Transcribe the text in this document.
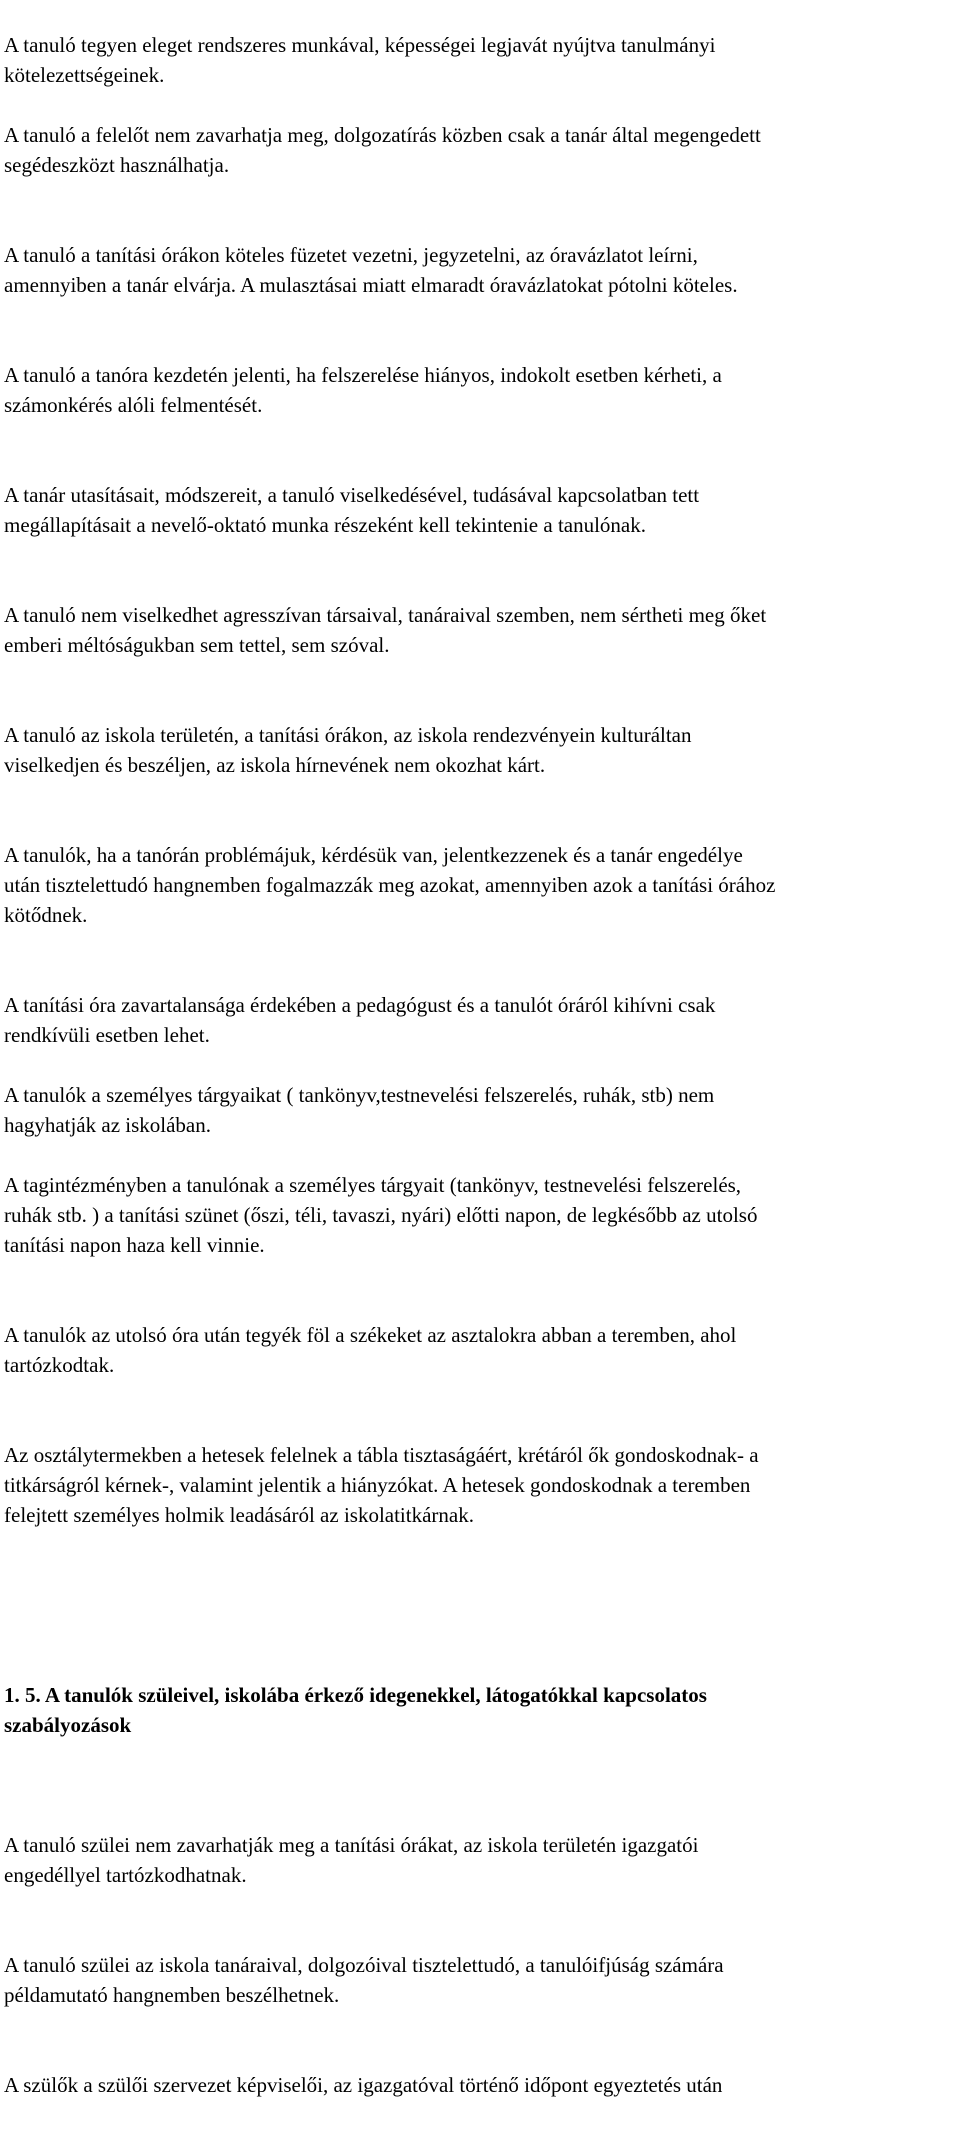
A tanuló tegyen eleget rendszeres munkával, képességei legjavát nyújtva tanulmányi
kötelezettségeinek.

A tanuló a felelőt nem zavarhatja meg, dolgozatírás közben csak a tanár által megengedett
segédeszközt használhatja.

A tanuló a tanítási órákon köteles füzetet vezetni, jegyzetelni, az óravázlatot leírni,
amennyiben a tanár elvárja. A mulasztásai miatt elmaradt óravázlatokat pótolni köteles.

A tanuló a tanóra kezdetén jelenti, ha felszerelése hiányos, indokolt esetben kérheti, a
számonkérés alóli felmentését.

A tanár utasításait, módszereit, a tanuló viselkedésével, tudásával kapcsolatban tett
megállapításait a nevelő-oktató munka részeként kell tekintenie a tanulónak.

A tanuló nem viselkedhet agresszívan társaival, tanáraival szemben, nem sértheti meg őket
emberi méltóságukban sem tettel, sem szóval.

A tanuló az iskola területén, a tanítási órákon, az iskola rendezvényein kulturáltan
viselkedjen és beszéljen, az iskola hírnevének nem okozhat kárt.

A tanulók, ha a tanórán problémájuk, kérdésük van, jelentkezzenek és a tanár engedélye
után tisztelettudó hangnemben fogalmazzák meg azokat, amennyiben azok a tanítási órához
kötődnek.

A tanítási óra zavartalansága érdekében a pedagógust és a tanulót óráról kihívni csak
rendkívüli esetben lehet.

A tanulók a személyes tárgyaikat ( tankönyv,testnevelési felszerelés, ruhák, stb) nem
hagyhatják az iskolában.

A tagintézményben a tanulónak a személyes tárgyait (tankönyv, testnevelési felszerelés,
ruhák stb. ) a tanítási szünet (őszi, téli, tavaszi, nyári) előtti napon, de legkésőbb az utolsó
tanítási napon haza kell vinnie.

A tanulók az utolsó óra után tegyék föl a székeket az asztalokra abban a teremben, ahol
tartózkodtak.

Az osztálytermekben a hetesek felelnek a tábla tisztaságáért, krétáról ők gondoskodnak- a
titkárságról kérnek-, valamint jelentik a hiányzókat. A hetesek gondoskodnak a teremben
felejtett személyes holmik leadásáról az iskolatitkárnak.

1. 5. A tanulók szüleivel, iskolába érkező idegenekkel, látogatókkal kapcsolatos
szabályozások

A tanuló szülei nem zavarhatják meg a tanítási órákat, az iskola területén igazgatói
engedéllyel tartózkodhatnak.

A tanuló szülei az iskola tanáraival, dolgozóival tisztelettudó, a tanulóifjúság számára
példamutató hangnemben beszélhetnek.

A szülők a szülői szervezet képviselői, az igazgatóval történő időpont egyeztetés után
